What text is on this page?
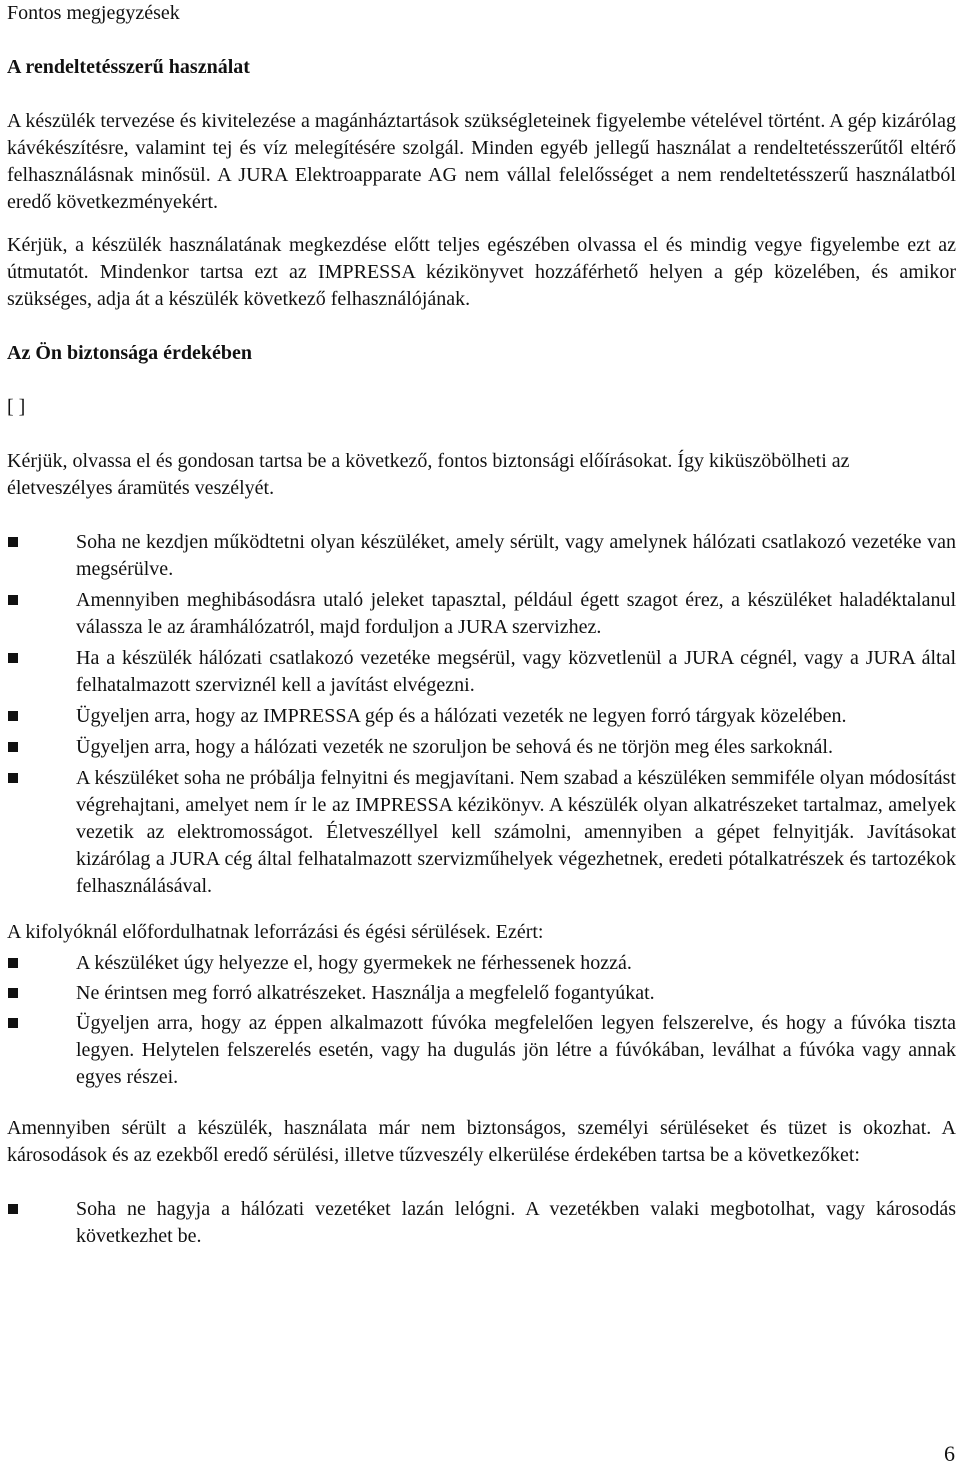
Fontos megjegyzések
A rendeltetésszerű használat

A készülék tervezése és kivitelezése a magánháztartások szükségleteinek figyelembe vételével történt. A gép kizárólag kávékészítésre, valamint tej és víz melegítésére szolgál. Minden egyéb jellegű használat a rendeltetésszerűtől eltérő felhasználásnak minősül. A JURA Elektroapparate AG nem vállal felelősséget a nem rendeltetésszerű használatból eredő következményekért.

Kérjük, a készülék használatának megkezdése előtt teljes egészében olvassa el és mindig vegye figyelembe ezt az útmutatót. Mindenkor tartsa ezt az IMPRESSA kézikönyvet hozzáférhető helyen a gép közelében, és amikor szükséges, adja át a készülék következő felhasználójának.

Az Ön biztonsága érdekében

[ ]

Kérjük, olvassa el és gondosan tartsa be a következő, fontos biztonsági előírásokat. Így kiküszöbölheti az életveszélyes áramütés veszélyét.

Soha ne kezdjen működtetni olyan készüléket, amely sérült, vagy amelynek hálózati csatlakozó vezetéke van megsérülve.
Amennyiben meghibásodásra utaló jeleket tapasztal, például égett szagot érez, a készüléket haladéktalanul válassza le az áramhálózatról, majd forduljon a JURA szervizhez.
Ha a készülék hálózati csatlakozó vezetéke megsérül, vagy közvetlenül a JURA cégnél, vagy a JURA által felhatalmazott szerviznél kell a javítást elvégezni.
Ügyeljen arra, hogy az IMPRESSA gép és a hálózati vezeték ne legyen forró tárgyak közelében.
Ügyeljen arra, hogy a hálózati vezeték ne szoruljon be sehová és ne törjön meg éles sarkoknál.
A készüléket soha ne próbálja felnyitni és megjavítani. Nem szabad a készüléken semmiféle olyan módosítást végrehajtani, amelyet nem ír le az IMPRESSA kézikönyv. A készülék olyan alkatrészeket tartalmaz, amelyek vezetik az elektromosságot. Életveszéllyel kell számolni, amennyiben a gépet felnyitják. Javításokat kizárólag a JURA cég által felhatalmazott szervizműhelyek végezhetnek, eredeti pótalkatrészek és tartozékok felhasználásával.

A kifolyóknál előfordulhatnak leforrázási és égési sérülések. Ezért:

A készüléket úgy helyezze el, hogy gyermekek ne férhessenek hozzá.
Ne érintsen meg forró alkatrészeket. Használja a megfelelő fogantyúkat.
Ügyeljen arra, hogy az éppen alkalmazott fúvóka megfelelően legyen felszerelve, és hogy a fúvóka tiszta legyen. Helytelen felszerelés esetén, vagy ha dugulás jön létre a fúvókában, leválhat a fúvóka vagy annak egyes részei.

Amennyiben sérült a készülék, használata már nem biztonságos, személyi sérüléseket és tüzet is okozhat. A károsodások és az ezekből eredő sérülési, illetve tűzveszély elkerülése érdekében tartsa be a következőket:

Soha ne hagyja a hálózati vezetéket lazán lelógni. A vezetékben valaki megbotolhat, vagy károsodás következhet be.
6
